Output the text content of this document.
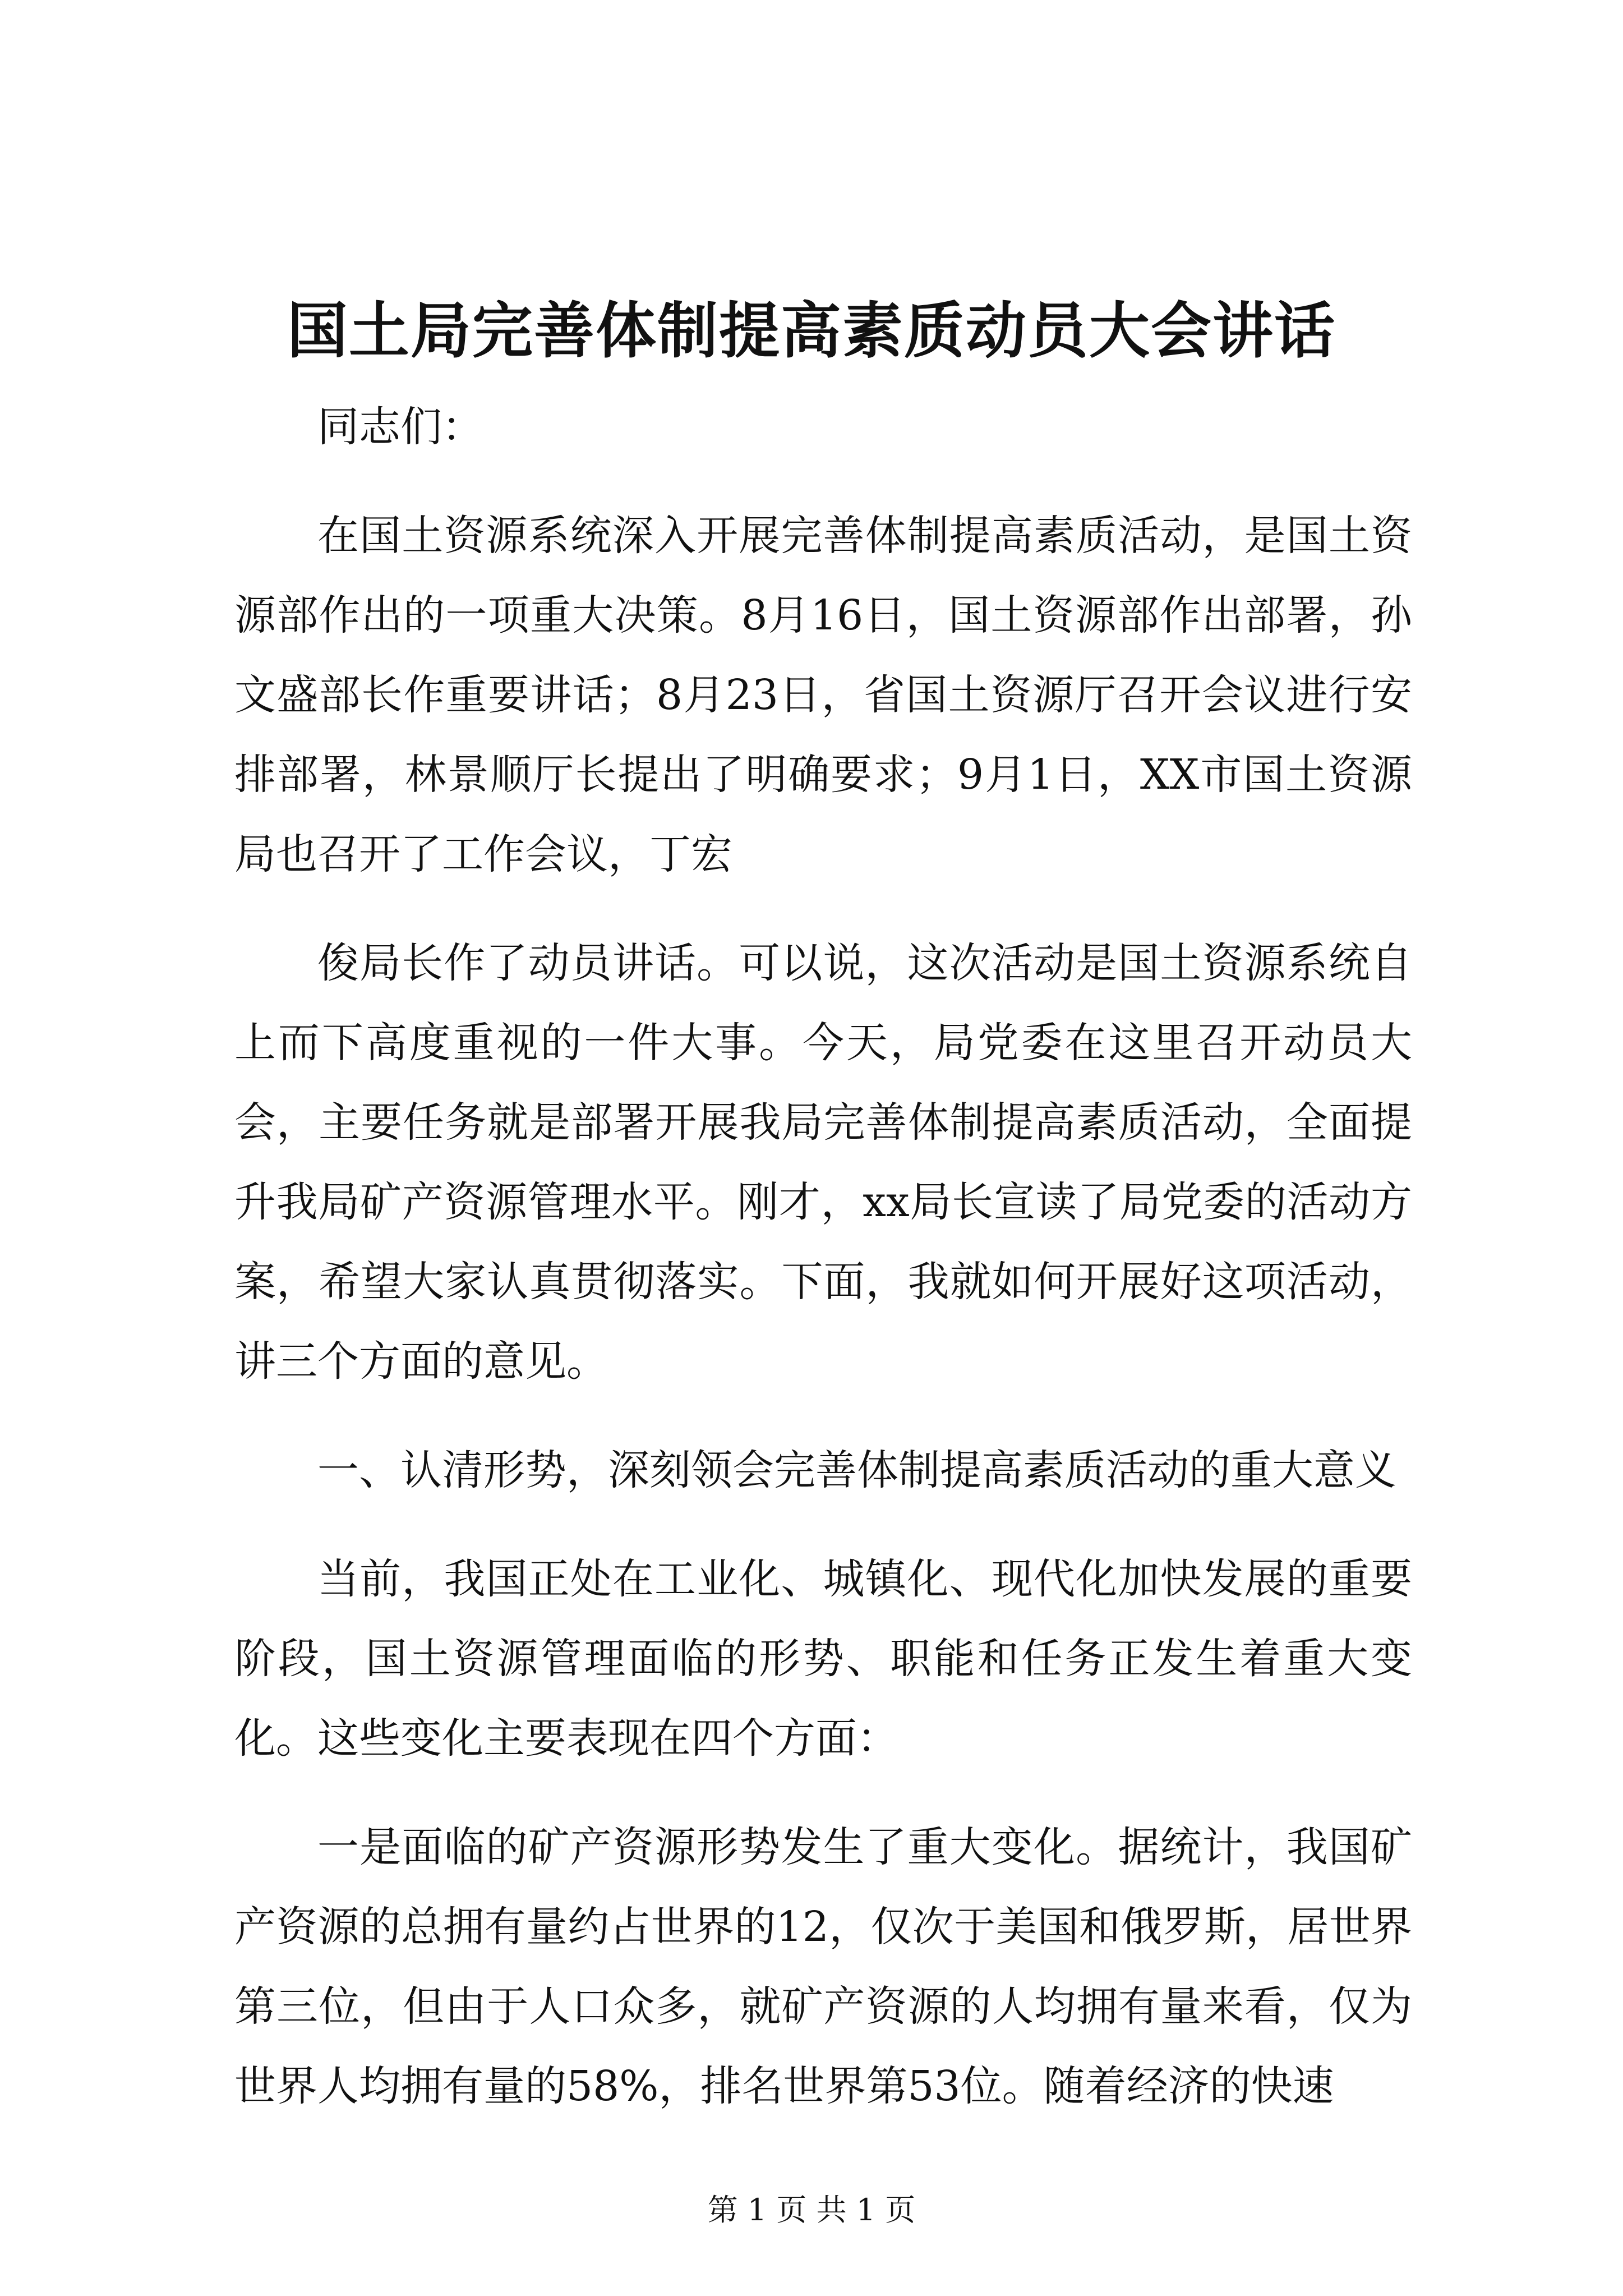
国土局完善体制提高素质动员大会讲话

同志们：

在国土资源系统深入开展完善体制提高素质活动，是国土资源部作出的一项重大决策。8月16日，国土资源部作出部署，孙文盛部长作重要讲话；8月23日，省国土资源厅召开会议进行安排部署，林景顺厅长提出了明确要求；9月1日，XX市国土资源局也召开了工作会议，丁宏

俊局长作了动员讲话。可以说，这次活动是国土资源系统自上而下高度重视的一件大事。今天，局党委在这里召开动员大会，主要任务就是部署开展我局完善体制提高素质活动，全面提升我局矿产资源管理水平。刚才，xx局长宣读了局党委的活动方案，希望大家认真贯彻落实。下面，我就如何开展好这项活动，讲三个方面的意见。

一、认清形势，深刻领会完善体制提高素质活动的重大意义

当前，我国正处在工业化、城镇化、现代化加快发展的重要阶段，国土资源管理面临的形势、职能和任务正发生着重大变化。这些变化主要表现在四个方面：

一是面临的矿产资源形势发生了重大变化。据统计，我国矿产资源的总拥有量约占世界的12，仅次于美国和俄罗斯，居世界第三位，但由于人口众多，就矿产资源的人均拥有量来看，仅为世界人均拥有量的58%，排名世界第53位。随着经济的快速

第 1 页 共 1 页
